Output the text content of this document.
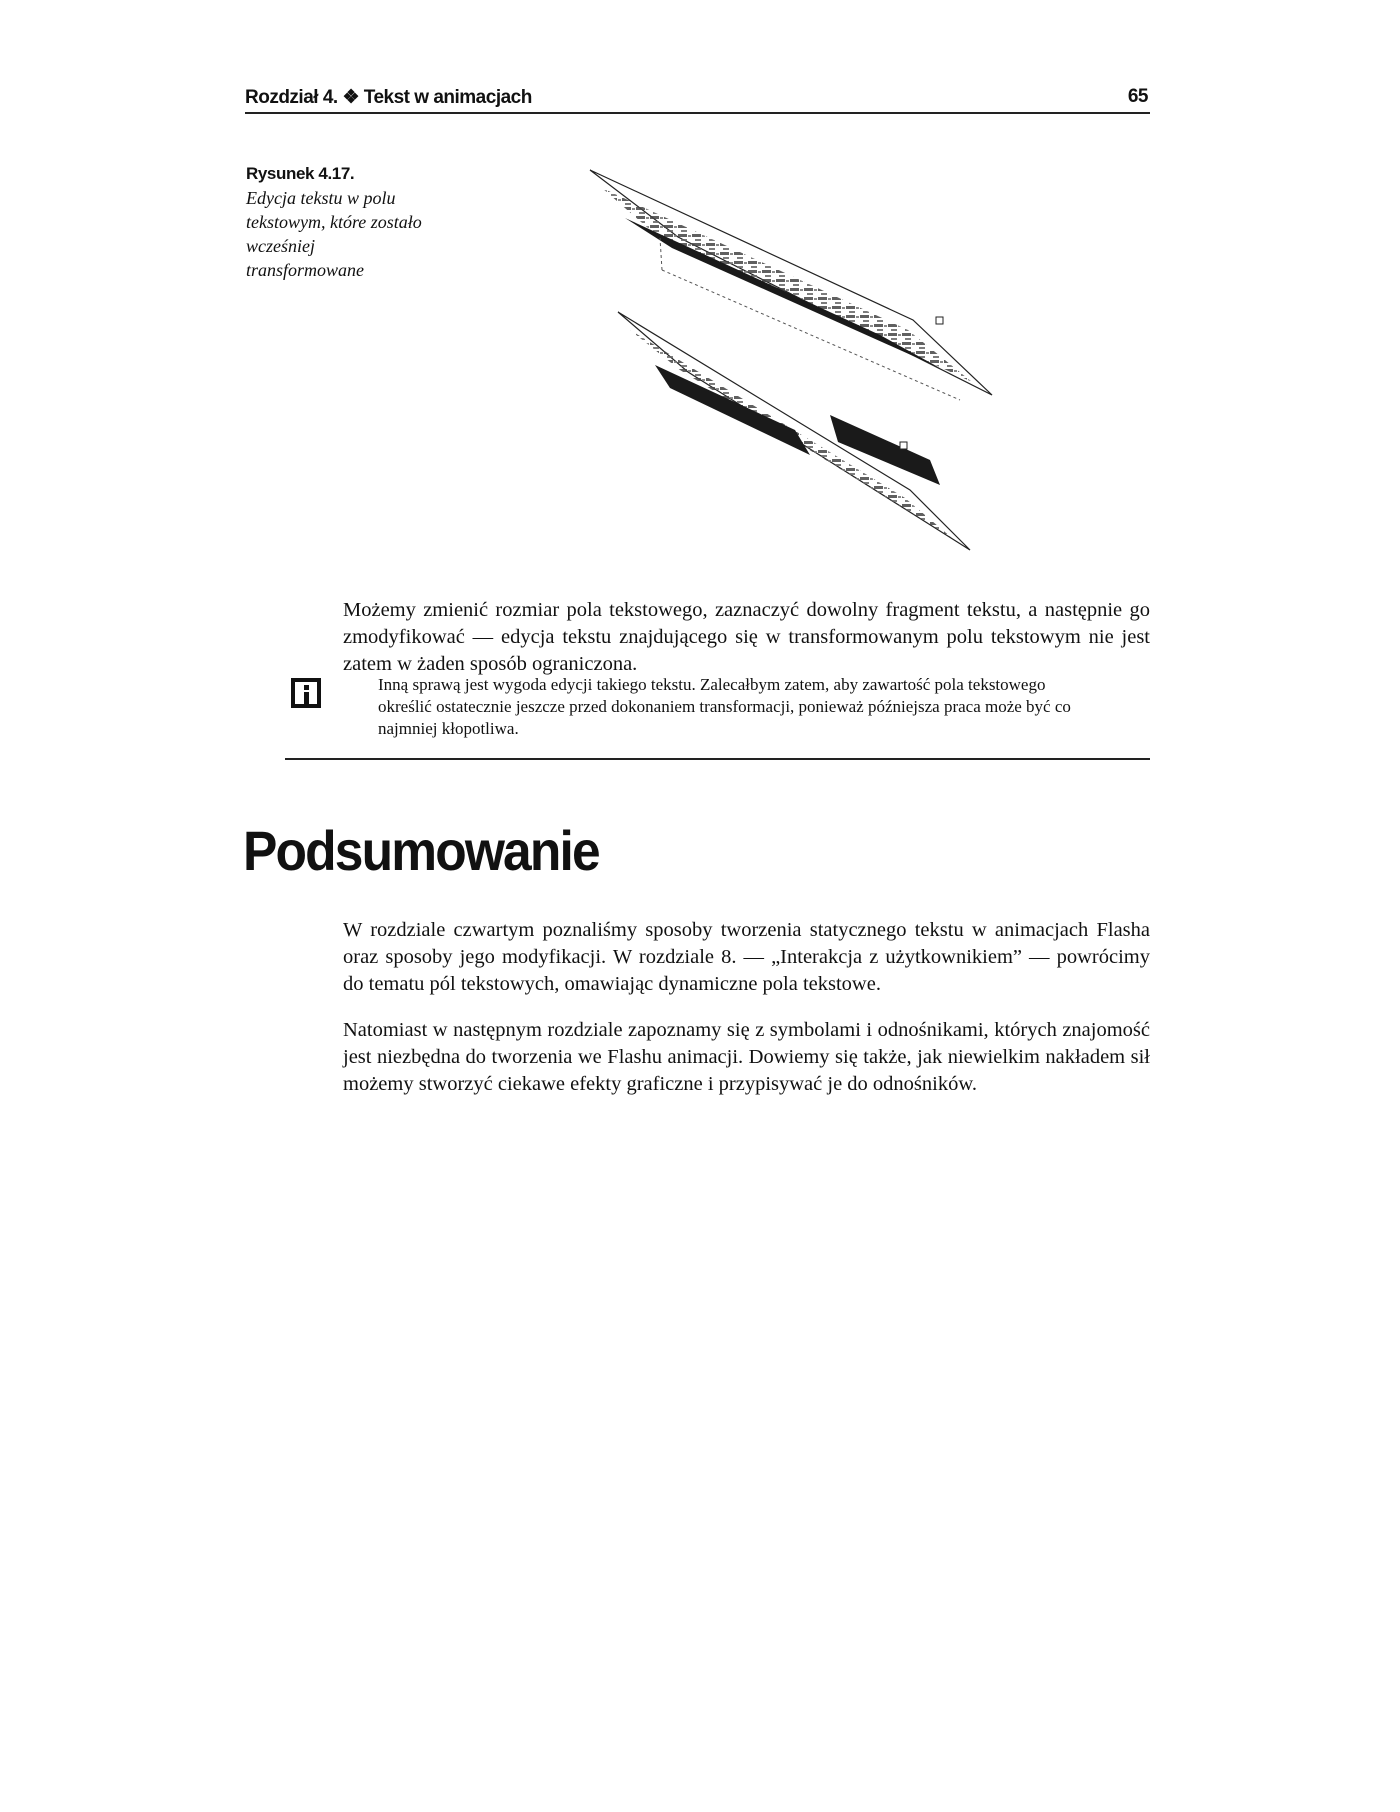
Rozdział 4. ❖ Tekst w animacjach	65
Rysunek 4.17.
Edycja tekstu w polu tekstowym, które zostało wcześniej transformowane

Możemy zmienić rozmiar pola tekstowego, zaznaczyć dowolny fragment tekstu, a następnie go zmodyfikować — edycja tekstu znajdującego się w transformowanym polu tekstowym nie jest zatem w żaden sposób ograniczona.

Inną sprawą jest wygoda edycji takiego tekstu. Zalecałbym zatem, aby zawartość pola tekstowego określić ostatecznie jeszcze przed dokonaniem transformacji, ponieważ późniejsza praca może być co najmniej kłopotliwa.

Podsumowanie

W rozdziale czwartym poznaliśmy sposoby tworzenia statycznego tekstu w animacjach Flasha oraz sposoby jego modyfikacji. W rozdziale 8. — „Interakcja z użytkownikiem” — powrócimy do tematu pól tekstowych, omawiając dynamiczne pola tekstowe.

Natomiast w następnym rozdziale zapoznamy się z symbolami i odnośnikami, których znajomość jest niezbędna do tworzenia we Flashu animacji. Dowiemy się także, jak niewielkim nakładem sił możemy stworzyć ciekawe efekty graficzne i przypisywać je do odnośników.
